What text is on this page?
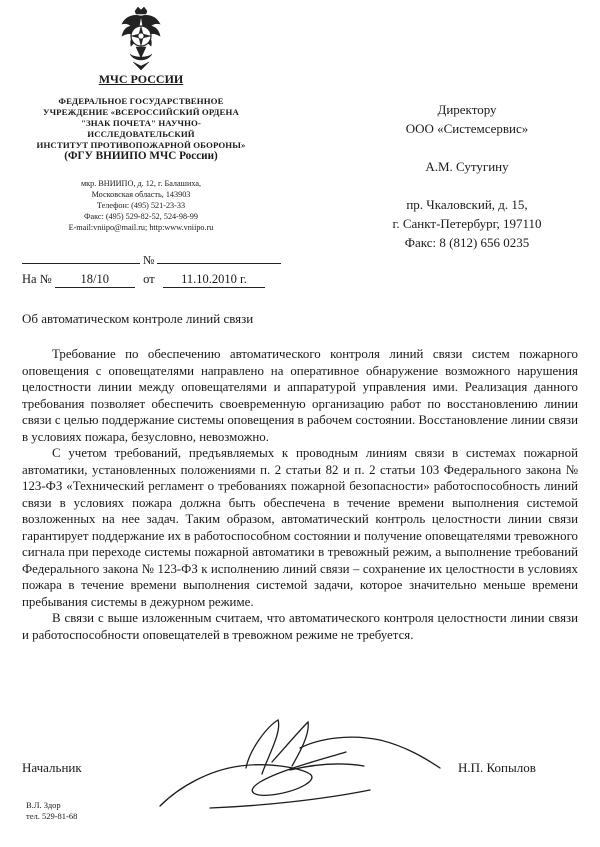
МЧС РОССИИ
ФЕДЕРАЛЬНОЕ ГОСУДАРСТВЕННОЕ
УЧРЕЖДЕНИЕ «ВСЕРОССИЙСКИЙ ОРДЕНА
"ЗНАК ПОЧЕТА" НАУЧНО-ИССЛЕДОВАТЕЛЬСКИЙ
ИНСТИТУТ ПРОТИВОПОЖАРНОЙ ОБОРОНЫ»
(ФГУ ВНИИПО МЧС России)
мкр. ВНИИПО, д. 12, г. Балашиха,
Московская область, 143903
Телефон: (495) 521-23-33
Факс: (495) 529-82-52, 524-98-99
E-mail:vniipo@mail.ru; http:www.vniipo.ru
№
На № 18/10	от 11.10.2010 г.
Директору
ООО «Системсервис»
А.М. Сутугину
пр. Чкаловский, д. 15,
г. Санкт-Петербург, 197110
Факс: 8 (812) 656 0235
Об автоматическом контроле линий связи

Требование по обеспечению автоматического контроля линий связи систем пожарного оповещения с оповещателями направлено на оперативное обнаружение возможного нарушения целостности линии между оповещателями и аппаратурой управления ими. Реализация данного требования позволяет обеспечить своевременную организацию работ по восстановлению линии связи с целью поддержание системы оповещения в рабочем состоянии. Восстановление линии связи в условиях пожара, безусловно, невозможно.

С учетом требований, предъявляемых к проводным линиям связи в системах пожарной автоматики, установленных положениями п. 2 статьи 82 и п. 2 статьи 103 Федерального закона № 123-ФЗ «Технический регламент о требованиях пожарной безопасности» работоспособность линий связи в условиях пожара должна быть обеспечена в течение времени выполнения системой возложенных на нее задач. Таким образом, автоматический контроль целостности линии связи гарантирует поддержание их в работоспособном состоянии и получение оповещателями тревожного сигнала при переходе системы пожарной автоматики в тревожный режим, а выполнение требований Федерального закона № 123-ФЗ к исполнению линий связи – сохранение их целостности в условиях пожара в течение времени выполнения системой задачи, которое значительно меньше времени пребывания системы в дежурном режиме.

В связи с выше изложенным считаем, что автоматического контроля целостности линии связи и работоспособности оповещателей в тревожном режиме не требуется.

Начальник	Н.П. Копылов
В.Л. Здор
тел. 529-81-68
